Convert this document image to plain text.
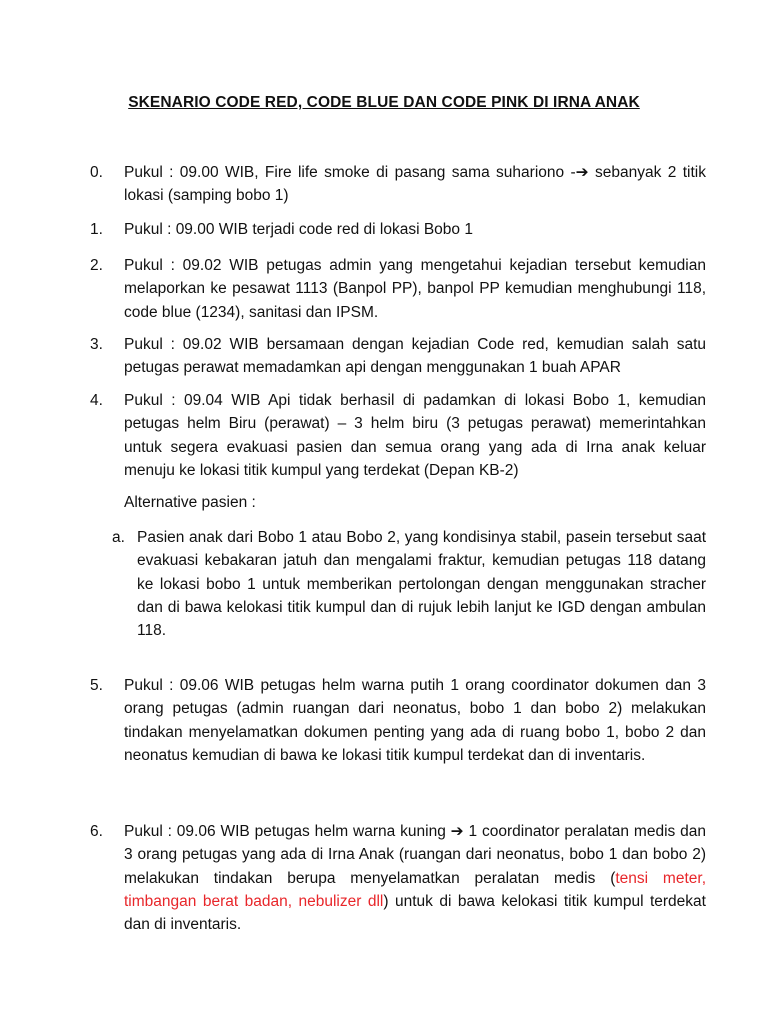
SKENARIO CODE RED, CODE BLUE DAN CODE PINK DI IRNA ANAK
0.	Pukul : 09.00 WIB, Fire life smoke di pasang sama suhariono -➔ sebanyak 2 titik lokasi (samping bobo 1)

1.	Pukul : 09.00 WIB terjadi code red di lokasi Bobo 1

2.	Pukul : 09.02 WIB petugas admin yang mengetahui kejadian tersebut kemudian melaporkan ke pesawat 1113 (Banpol PP), banpol PP kemudian menghubungi 118, code blue (1234), sanitasi dan IPSM.

3.	Pukul : 09.02 WIB bersamaan dengan kejadian Code red, kemudian salah satu petugas perawat memadamkan api dengan menggunakan 1 buah APAR

4.	Pukul : 09.04 WIB Api tidak berhasil di padamkan di lokasi Bobo 1, kemudian petugas helm Biru (perawat) – 3 helm biru (3 petugas perawat) memerintahkan untuk segera evakuasi pasien dan semua orang yang ada di Irna anak keluar menuju ke lokasi titik kumpul yang terdekat (Depan KB-2)

Alternative pasien :
a. Pasien anak dari Bobo 1 atau Bobo 2, yang kondisinya stabil, pasein tersebut saat evakuasi kebakaran jatuh dan mengalami fraktur, kemudian petugas 118 datang ke lokasi bobo 1 untuk memberikan pertolongan dengan menggunakan stracher dan di bawa kelokasi titik kumpul dan di rujuk lebih lanjut ke IGD dengan ambulan 118.

5.	Pukul : 09.06 WIB petugas helm warna putih 1 orang coordinator dokumen dan 3 orang petugas (admin ruangan dari neonatus, bobo 1 dan bobo 2) melakukan tindakan menyelamatkan dokumen penting yang ada di ruang bobo 1, bobo 2 dan neonatus kemudian di bawa ke lokasi titik kumpul terdekat dan di inventaris.

6.	Pukul : 09.06 WIB petugas helm warna kuning ➔ 1 coordinator peralatan medis dan 3 orang petugas yang ada di Irna Anak (ruangan dari neonatus, bobo 1 dan bobo 2) melakukan tindakan berupa menyelamatkan peralatan medis (tensi meter, timbangan berat badan, nebulizer dll) untuk di bawa kelokasi titik kumpul terdekat dan di inventaris.
